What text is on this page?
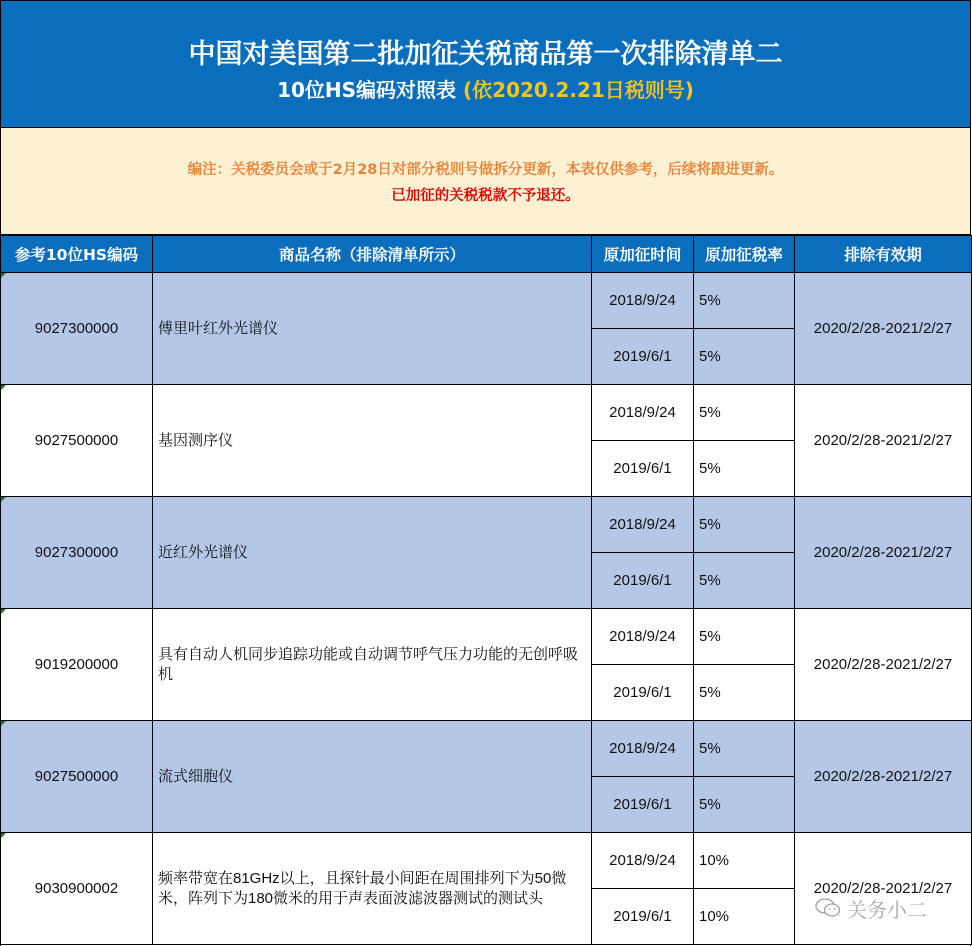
中国对美国第二批加征关税商品第一次排除清单二
10位HS编码对照表 (依2020.2.21日税则号)
编注：关税委员会或于2月28日对部分税则号做拆分更新，本表仅供参考，后续将跟进更新。
已加征的关税税款不予退还。
参考10位HS编码	商品名称（排除清单所示）	原加征时间	原加征税率	排除有效期
9027300000	傅里叶红外光谱仪	2018/9/24	5%	2020/2/28-2021/2/27
		2019/6/1	5%	
9027500000	基因测序仪	2018/9/24	5%	2020/2/28-2021/2/27
		2019/6/1	5%	
9027300000	近红外光谱仪	2018/9/24	5%	2020/2/28-2021/2/27
		2019/6/1	5%	
9019200000	具有自动人机同步追踪功能或自动调节呼气压力功能的无创呼吸机	2018/9/24	5%	2020/2/28-2021/2/27
		2019/6/1	5%	
9027500000	流式细胞仪	2018/9/24	5%	2020/2/28-2021/2/27
		2019/6/1	5%	
9030900002	频率带宽在81GHz以上，且探针最小间距在周围排列下为50微米，阵列下为180微米的用于声表面波滤波器测试的测试头	2018/9/24	10%	2020/2/28-2021/2/27
		2019/6/1	10%		关务小二
